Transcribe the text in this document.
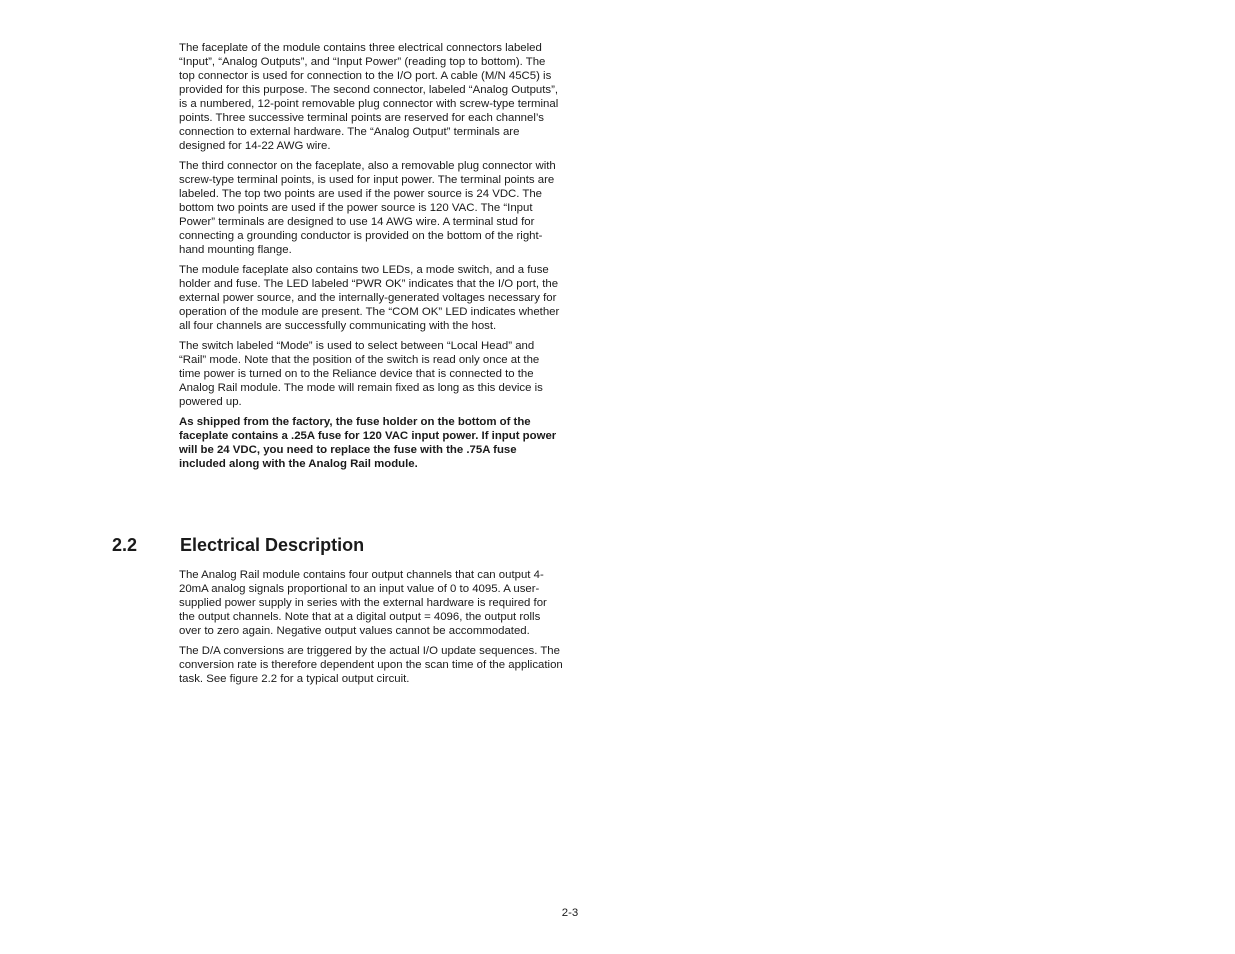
The faceplate of the module contains three electrical connectors labeled “Input”, “Analog Outputs”, and “Input Power” (reading top to bottom). The top connector is used for connection to the I/O port. A cable (M/N 45C5) is provided for this purpose. The second connector, labeled “Analog Outputs”, is a numbered, 12-point removable plug connector with screw-type terminal points. Three successive terminal points are reserved for each channel’s connection to external hardware. The “Analog Output” terminals are designed for 14-22 AWG wire.

The third connector on the faceplate, also a removable plug connector with screw-type terminal points, is used for input power. The terminal points are labeled. The top two points are used if the power source is 24 VDC. The bottom two points are used if the power source is 120 VAC. The “Input Power” terminals are designed to use 14 AWG wire. A terminal stud for connecting a grounding conductor is provided on the bottom of the right-hand mounting flange.

The module faceplate also contains two LEDs, a mode switch, and a fuse holder and fuse. The LED labeled “PWR OK” indicates that the I/O port, the external power source, and the internally-generated voltages necessary for operation of the module are present. The “COM OK” LED indicates whether all four channels are successfully communicating with the host.

The switch labeled “Mode” is used to select between “Local Head” and “Rail” mode. Note that the position of the switch is read only once at the time power is turned on to the Reliance device that is connected to the Analog Rail module. The mode will remain fixed as long as this device is powered up.

As shipped from the factory, the fuse holder on the bottom of the faceplate contains a .25A fuse for 120 VAC input power. If input power will be 24 VDC, you need to replace the fuse with the .75A fuse included along with the Analog Rail module.

2.2 Electrical Description

The Analog Rail module contains four output channels that can output 4-20mA analog signals proportional to an input value of 0 to 4095. A user-supplied power supply in series with the external hardware is required for the output channels. Note that at a digital output = 4096, the output rolls over to zero again. Negative output values cannot be accommodated.

The D/A conversions are triggered by the actual I/O update sequences. The conversion rate is therefore dependent upon the scan time of the application task. See figure 2.2 for a typical output circuit.

2-3
